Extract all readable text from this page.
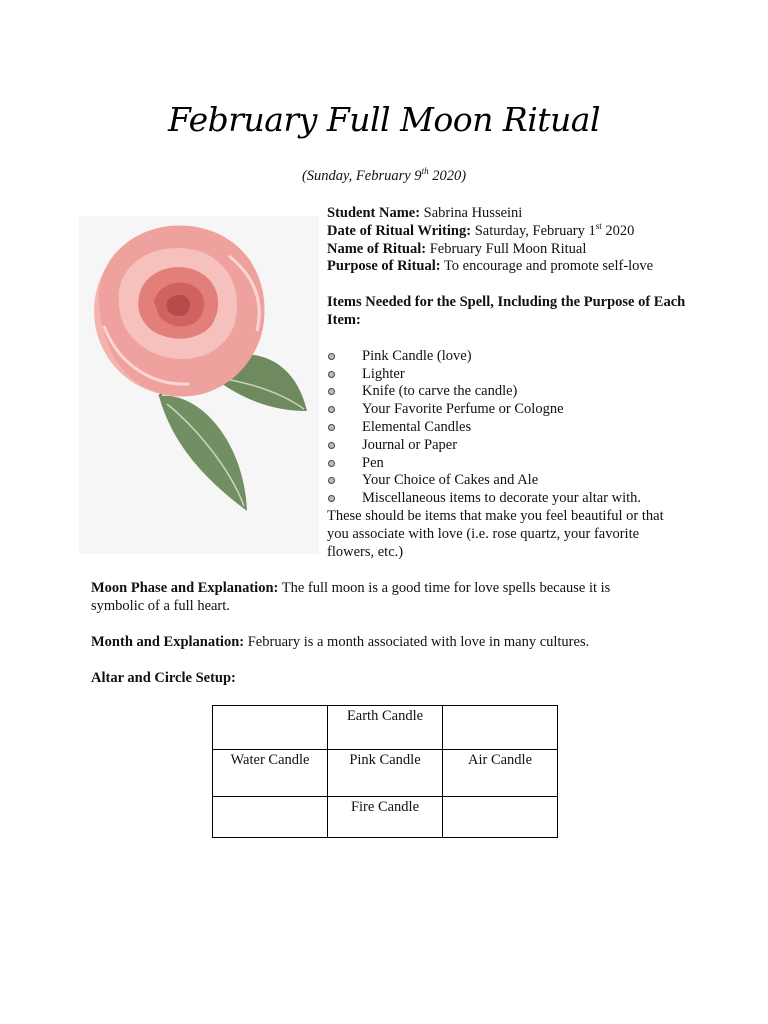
February Full Moon Ritual
(Sunday, February 9th 2020)

Student Name: Sabrina Husseini

Date of Ritual Writing: Saturday, February 1st 2020

Name of Ritual: February Full Moon Ritual

Purpose of Ritual: To encourage and promote self-love

Items Needed for the Spell, Including the Purpose of Each Item:

Pink Candle (love)
Lighter
Knife (to carve the candle)
Your Favorite Perfume or Cologne
Elemental Candles
Journal or Paper
Pen
Your Choice of Cakes and Ale
Miscellaneous items to decorate your altar with.

These should be items that make you feel beautiful or that you associate with love (i.e. rose quartz, your favorite flowers, etc.)

Moon Phase and Explanation: The full moon is a good time for love spells because it is symbolic of a full heart.

Month and Explanation: February is a month associated with love in many cultures.

Altar and Circle Setup:

	Earth Candle	
Water Candle	Pink Candle	Air Candle
	Fire Candle	
